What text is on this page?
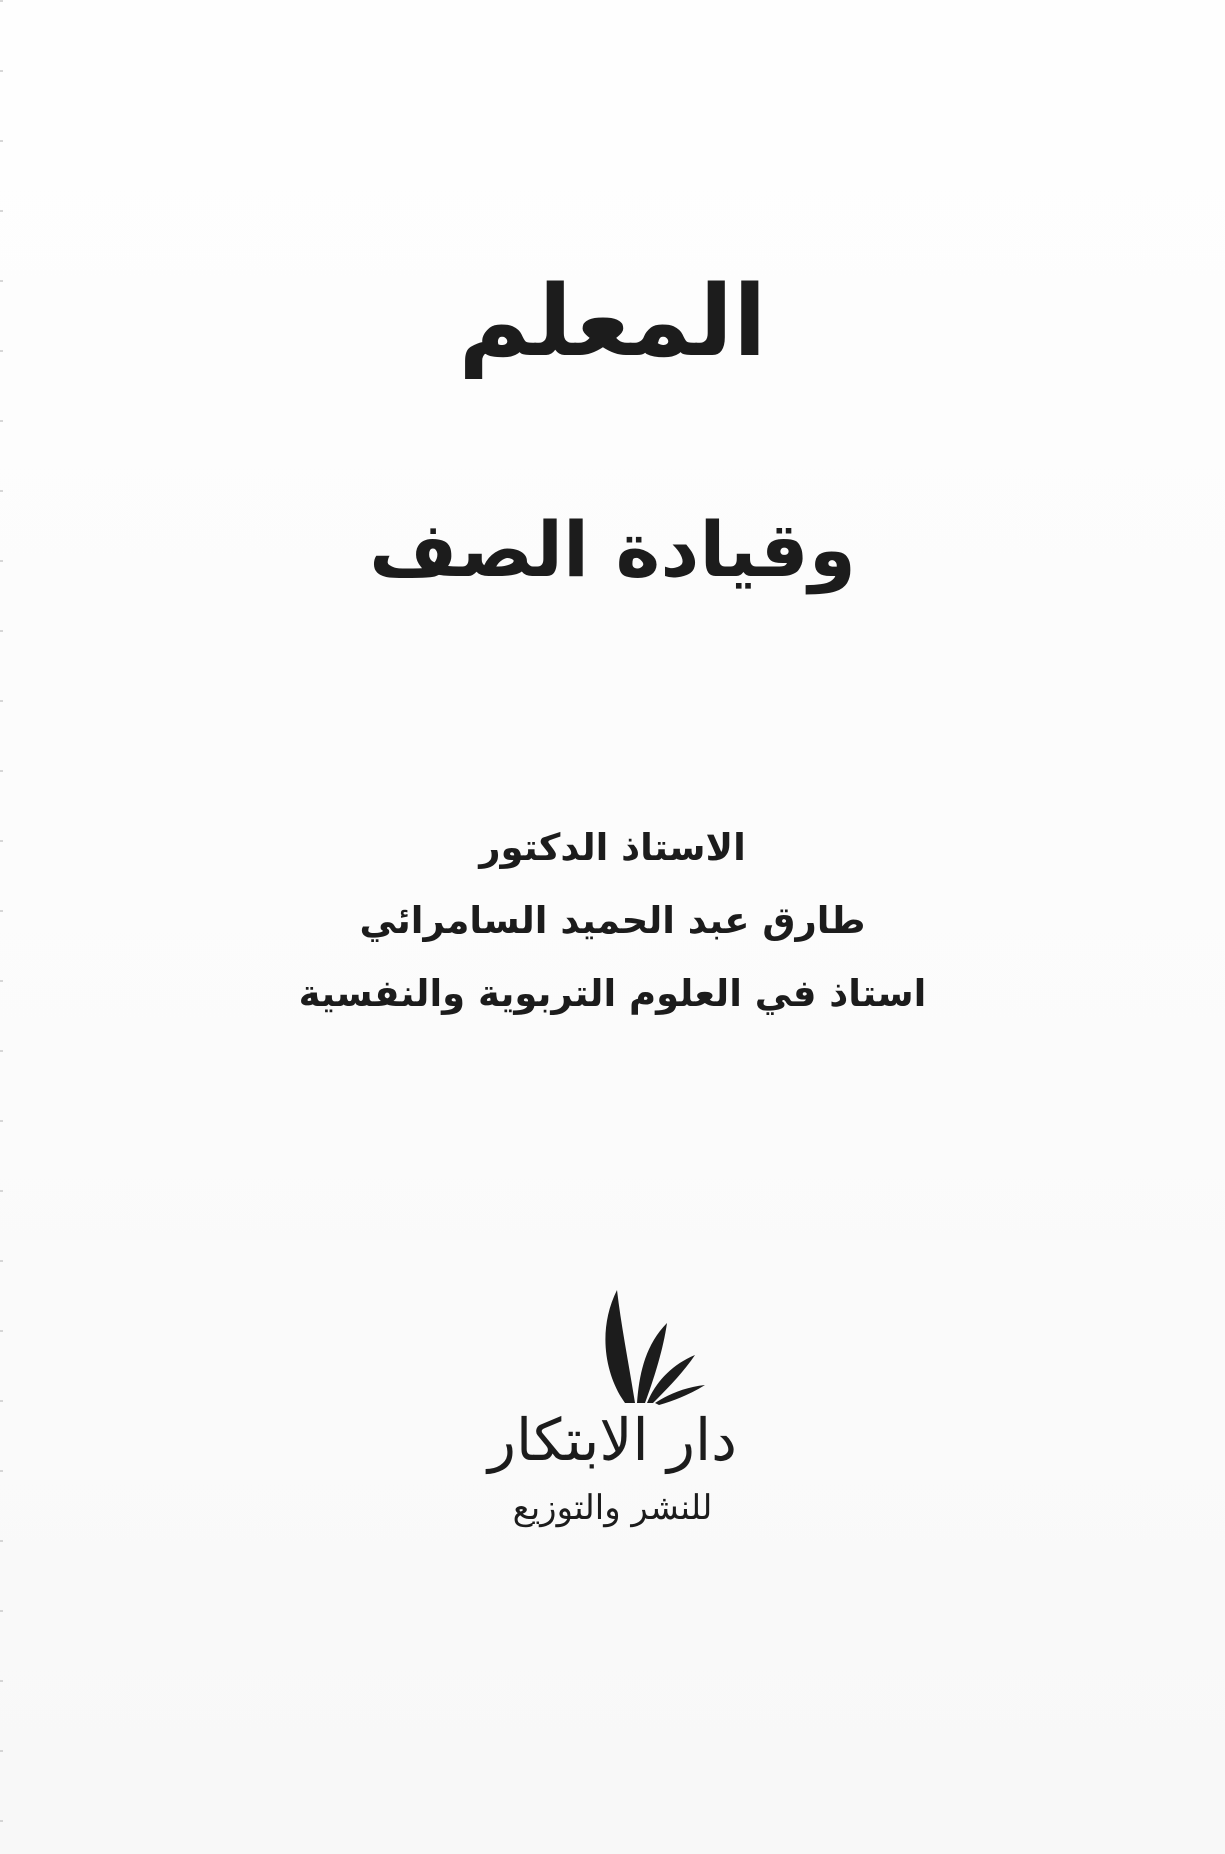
المعلم
وقيادة الصف
الاستاذ الدكتور
طارق عبد الحميد السامرائي
استاذ في العلوم التربوية والنفسية
دار الابتكار
للنشر والتوزيع
